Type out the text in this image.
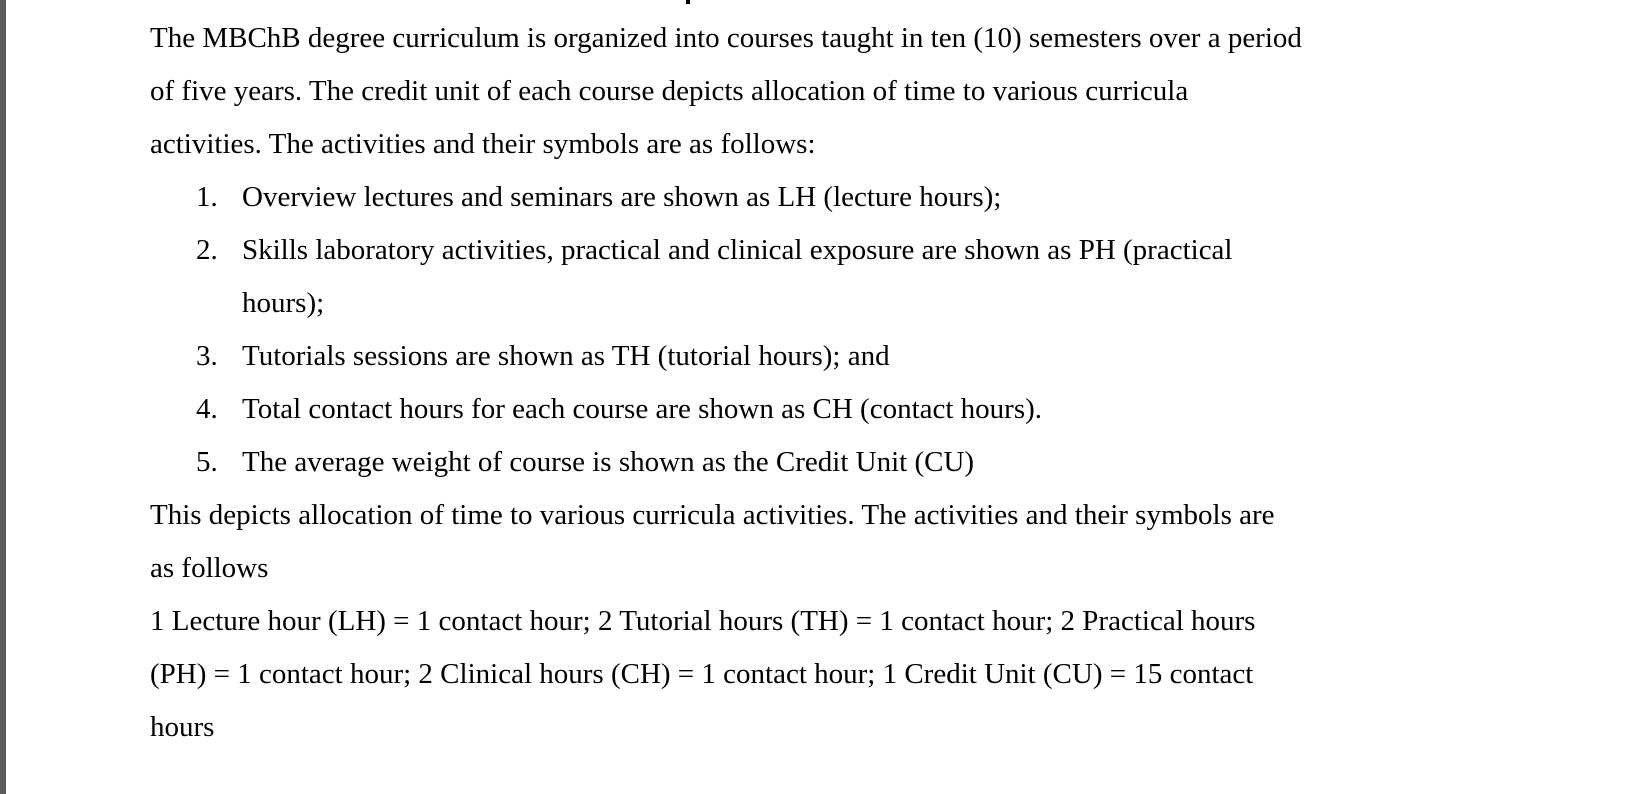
The MBChB degree curriculum is organized into courses taught in ten (10) semesters over a period
of five years. The credit unit of each course depicts allocation of time to various curricula
activities. The activities and their symbols are as follows:
1. Overview lectures and seminars are shown as LH (lecture hours);
2. Skills laboratory activities, practical and clinical exposure are shown as PH (practical
hours);
3. Tutorials sessions are shown as TH (tutorial hours); and
4. Total contact hours for each course are shown as CH (contact hours).
5. The average weight of course is shown as the Credit Unit (CU)
This depicts allocation of time to various curricula activities. The activities and their symbols are
as follows
1 Lecture hour (LH) = 1 contact hour; 2 Tutorial hours (TH) = 1 contact hour; 2 Practical hours
(PH) = 1 contact hour; 2 Clinical hours (CH) = 1 contact hour; 1 Credit Unit (CU) = 15 contact
hours
